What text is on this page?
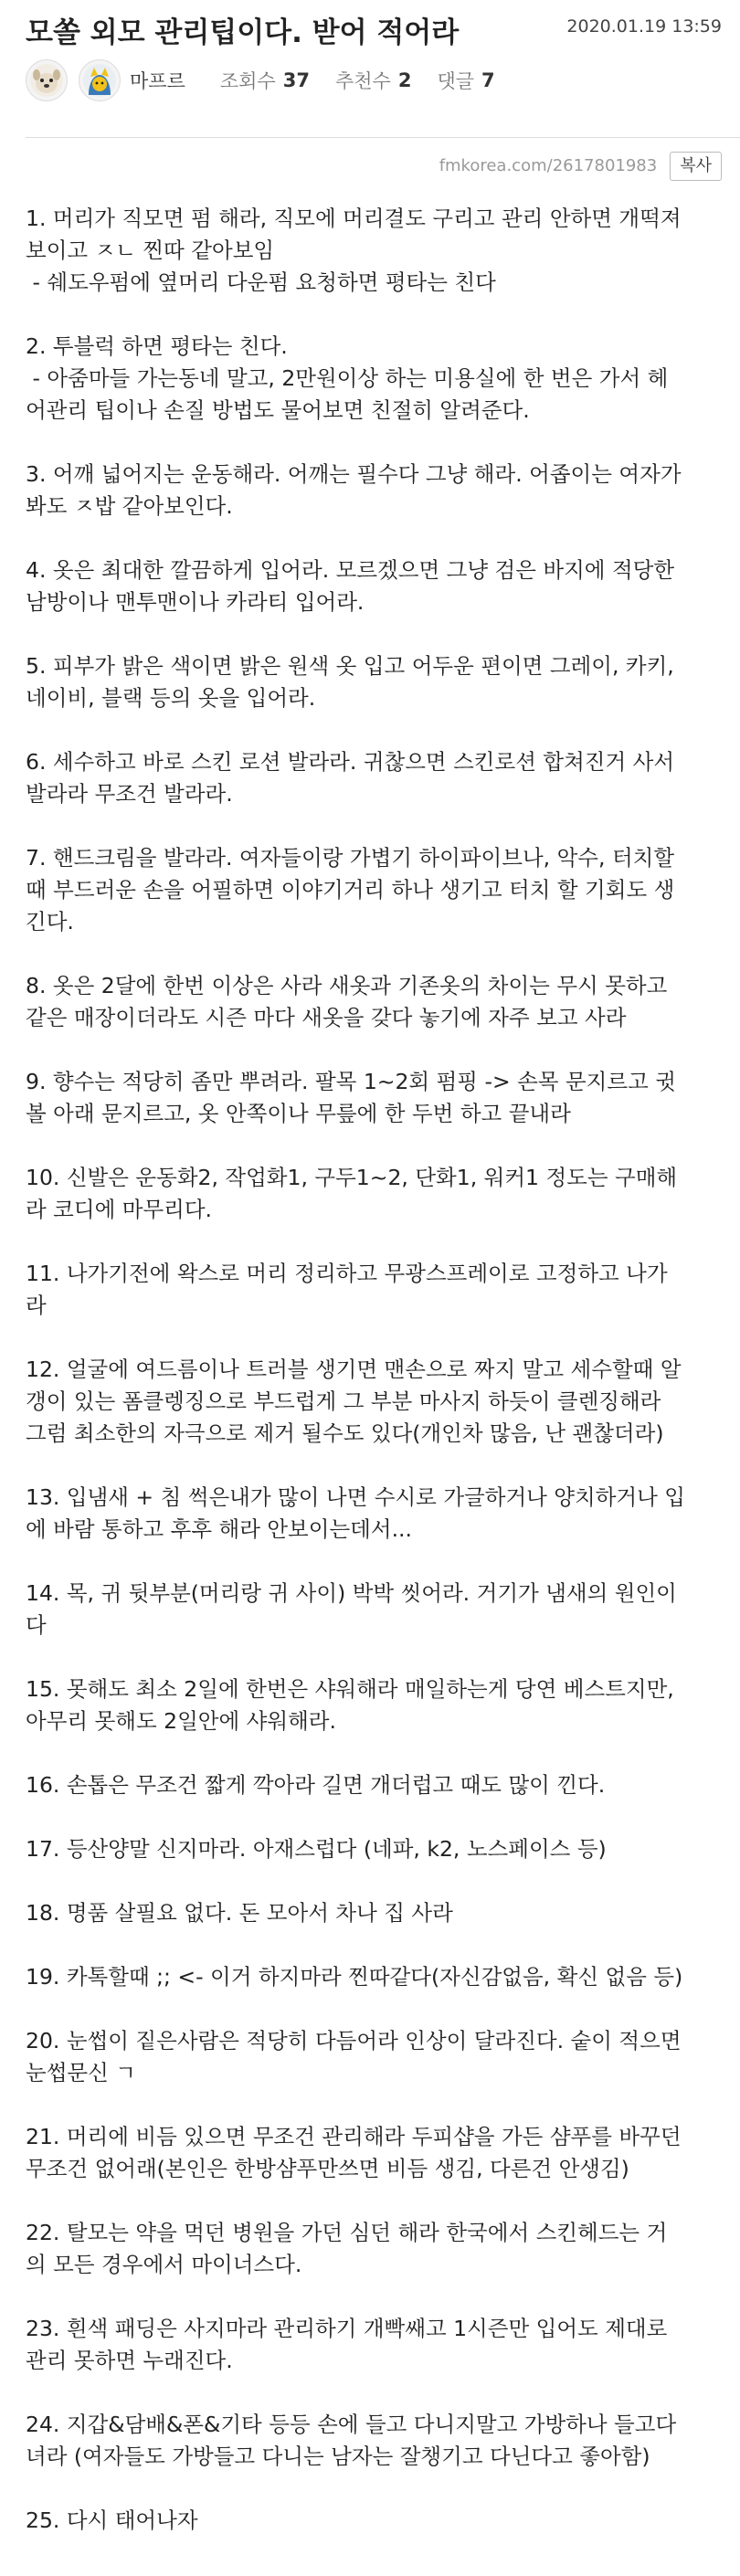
모쏠 외모 관리팁이다. 받어 적어라	2020.01.19 13:59
마프르 조회수 37 추천수 2 댓글 7
fmkorea.com/2617801983	복사

1. 머리가 직모면 펌 해라, 직모에 머리결도 구리고 관리 안하면 개떡져
보이고 ㅈㄴ 찐따 같아보임
- 쉐도우펌에 옆머리 다운펌 요청하면 평타는 친다

2. 투블럭 하면 평타는 친다.
- 아줌마들 가는동네 말고, 2만원이상 하는 미용실에 한 번은 가서 헤
어관리 팁이나 손질 방법도 물어보면 친절히 알려준다.

3. 어깨 넓어지는 운동해라. 어깨는 필수다 그냥 해라. 어좁이는 여자가
봐도 ㅈ밥 같아보인다.

4. 옷은 최대한 깔끔하게 입어라. 모르겠으면 그냥 검은 바지에 적당한
남방이나 맨투맨이나 카라티 입어라.

5. 피부가 밝은 색이면 밝은 원색 옷 입고 어두운 편이면 그레이, 카키,
네이비, 블랙 등의 옷을 입어라.

6. 세수하고 바로 스킨 로션 발라라. 귀찮으면 스킨로션 합쳐진거 사서
발라라 무조건 발라라.

7. 핸드크림을 발라라. 여자들이랑 가볍기 하이파이브나, 악수, 터치할
때 부드러운 손을 어필하면 이야기거리 하나 생기고 터치 할 기회도 생
긴다.

8. 옷은 2달에 한번 이상은 사라 새옷과 기존옷의 차이는 무시 못하고
같은 매장이더라도 시즌 마다 새옷을 갖다 놓기에 자주 보고 사라

9. 향수는 적당히 좀만 뿌려라. 팔목 1~2회 펌핑 -> 손목 문지르고 귓
볼 아래 문지르고, 옷 안쪽이나 무릎에 한 두번 하고 끝내라

10. 신발은 운동화2, 작업화1, 구두1~2, 단화1, 워커1 정도는 구매해
라 코디에 마무리다.

11. 나가기전에 왁스로 머리 정리하고 무광스프레이로 고정하고 나가
라

12. 얼굴에 여드름이나 트러블 생기면 맨손으로 짜지 말고 세수할때 알
갱이 있는 폼클렝징으로 부드럽게 그 부분 마사지 하듯이 클렌징해라
그럼 최소한의 자극으로 제거 될수도 있다(개인차 많음, 난 괜찮더라)

13. 입냄새 + 침 썩은내가 많이 나면 수시로 가글하거나 양치하거나 입
에 바람 통하고 후후 해라 안보이는데서...

14. 목, 귀 뒷부분(머리랑 귀 사이) 박박 씻어라. 거기가 냄새의 원인이
다

15. 못해도 최소 2일에 한번은 샤워해라 매일하는게 당연 베스트지만,
아무리 못해도 2일안에 샤워해라.

16. 손톱은 무조건 짧게 깍아라 길면 개더럽고 때도 많이 낀다.

17. 등산양말 신지마라. 아재스럽다 (네파, k2, 노스페이스 등)

18. 명품 살필요 없다. 돈 모아서 차나 집 사라

19. 카톡할때 ;; <- 이거 하지마라 찐따같다(자신감없음, 확신 없음 등)

20. 눈썹이 짙은사람은 적당히 다듬어라 인상이 달라진다. 숱이 적으면
눈썹문신 ㄱ

21. 머리에 비듬 있으면 무조건 관리해라 두피샵을 가든 샴푸를 바꾸던
무조건 없어래(본인은 한방샴푸만쓰면 비듬 생김, 다른건 안생김)

22. 탈모는 약을 먹던 병원을 가던 심던 해라 한국에서 스킨헤드는 거
의 모든 경우에서 마이너스다.

23. 흰색 패딩은 사지마라 관리하기 개빡쌔고 1시즌만 입어도 제대로
관리 못하면 누래진다.

24. 지갑&담배&폰&기타 등등 손에 들고 다니지말고 가방하나 들고다
녀라 (여자들도 가방들고 다니는 남자는 잘챙기고 다닌다고 좋아함)

25. 다시 태어나자
